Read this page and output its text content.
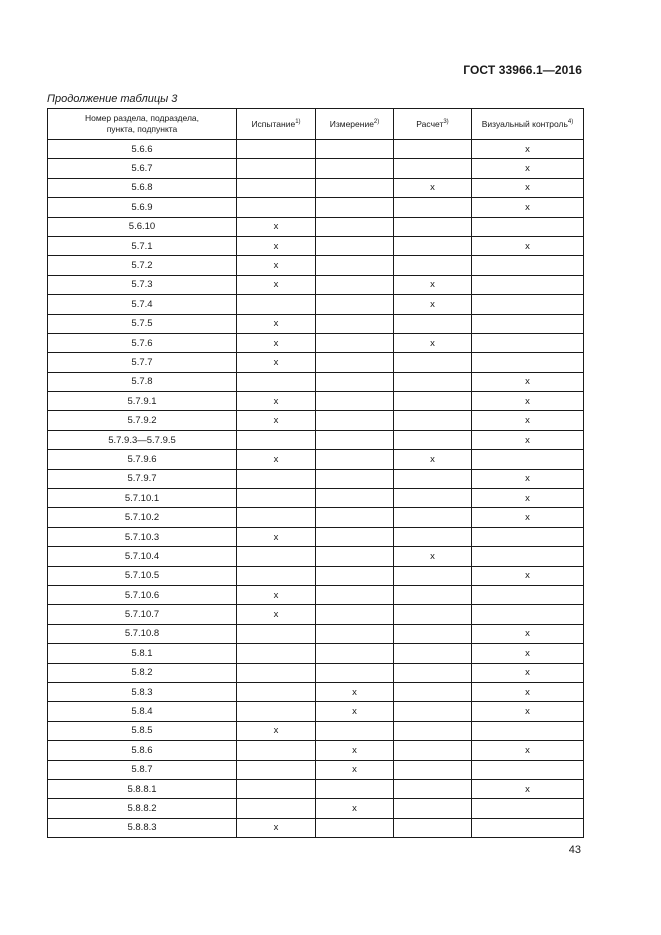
ГОСТ 33966.1—2016
Продолжение таблицы 3
Номер раздела, подраздела,
пункта, подпункта	Испытание$^{1)}$	Измерение$^{2)}$	Расчет$^{3)}$	Визуальный контроль$^{4)}$
5.6.6				x
5.6.7				x
5.6.8			x	x
5.6.9				x
5.6.10	x			
5.7.1	x			x
5.7.2	x			
5.7.3	x		x	
5.7.4			x	
5.7.5	x			
5.7.6	x		x	
5.7.7	x			
5.7.8				x
5.7.9.1	x			x
5.7.9.2	x			x
5.7.9.3—5.7.9.5				x
5.7.9.6	x		x	
5.7.9.7				x
5.7.10.1				x
5.7.10.2				x
5.7.10.3	x			
5.7.10.4			x	
5.7.10.5				x
5.7.10.6	x			
5.7.10.7	x			
5.7.10.8				x
5.8.1				x
5.8.2				x
5.8.3		x		x
5.8.4		x		x
5.8.5	x			
5.8.6		x		x
5.8.7		x		
5.8.8.1				x
5.8.8.2		x		
5.8.8.3	x			
43
